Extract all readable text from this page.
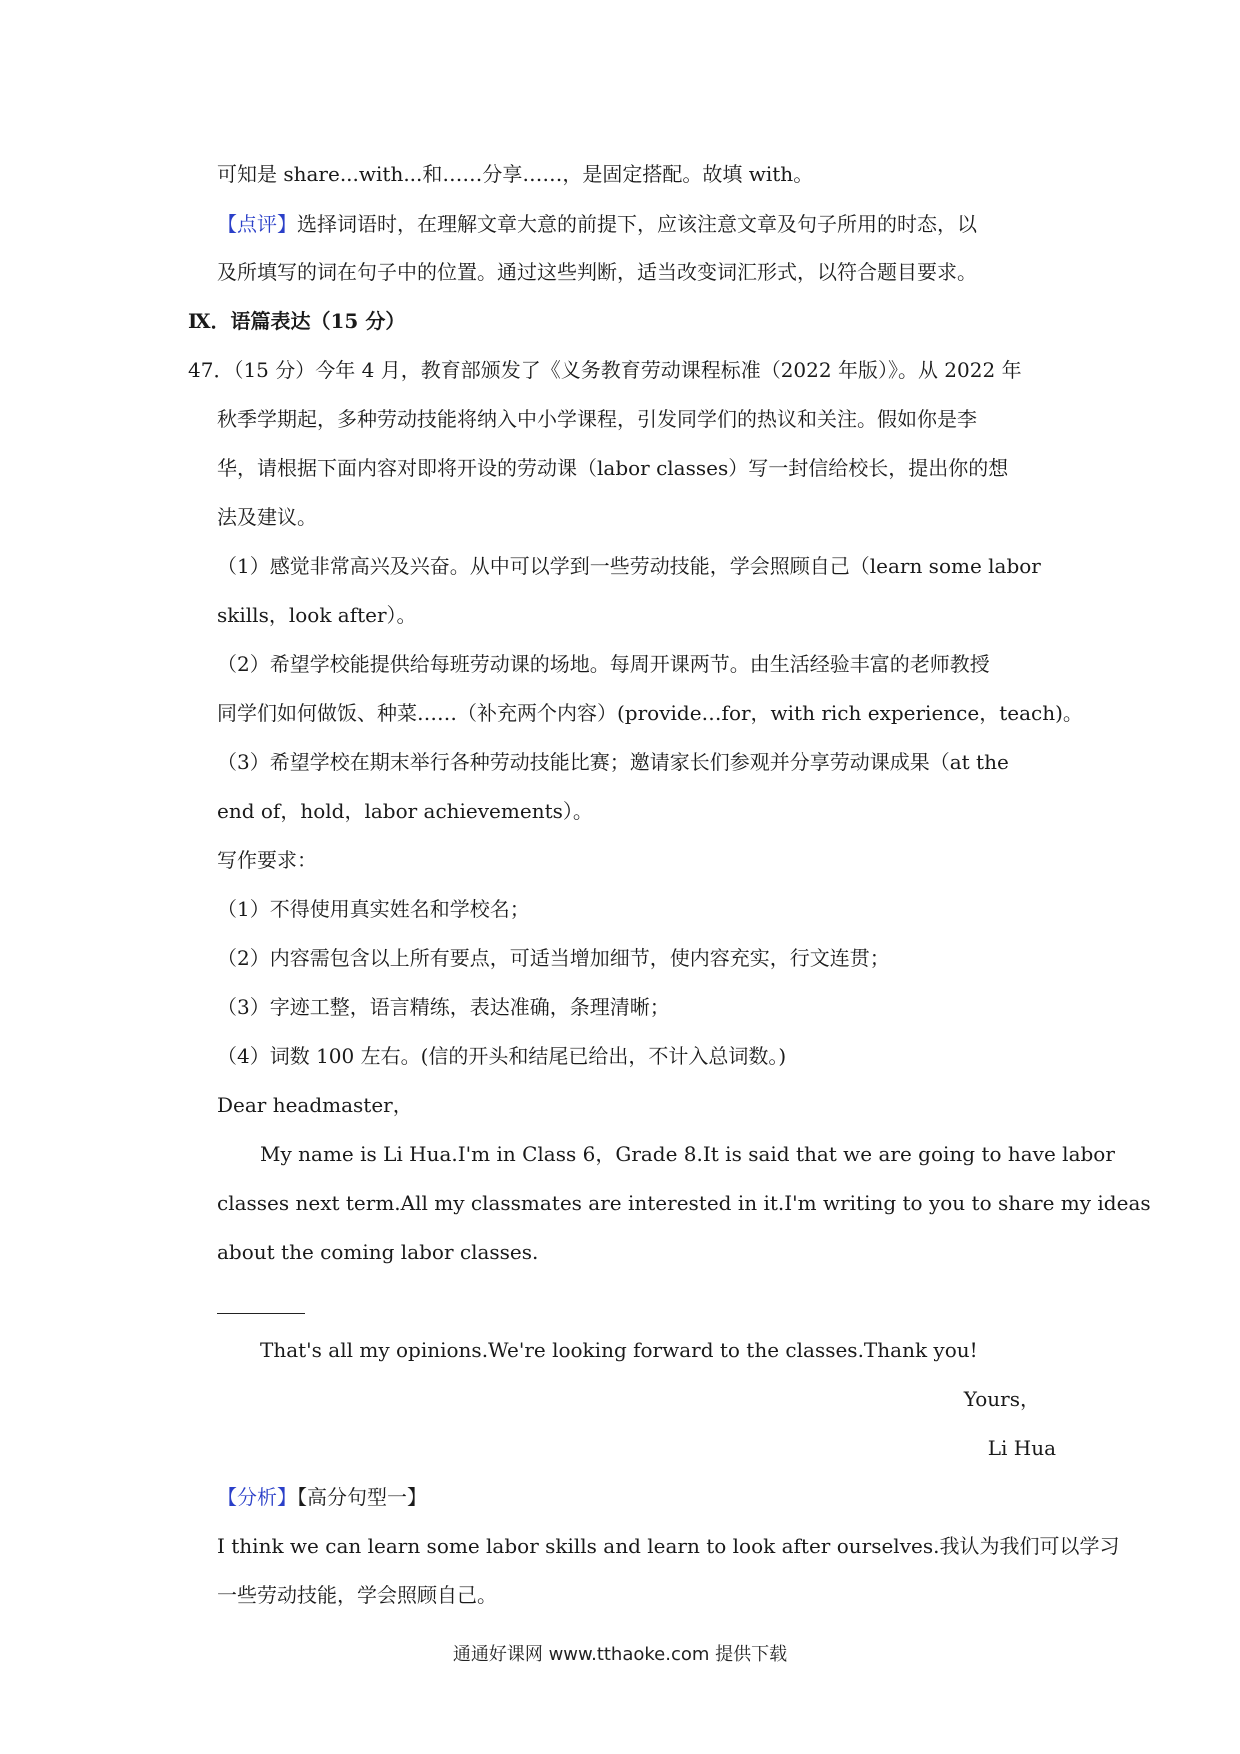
可知是 share...with...和……分享……，是固定搭配。故填 with。
【点评】选择词语时，在理解文章大意的前提下，应该注意文章及句子所用的时态，以
及所填写的词在句子中的位置。通过这些判断，适当改变词汇形式，以符合题目要求。
Ⅸ．语篇表达（15 分）
47．（15 分）今年 4 月，教育部颁发了《义务教育劳动课程标准（2022 年版）》。从 2022 年
秋季学期起，多种劳动技能将纳入中小学课程，引发同学们的热议和关注。假如你是李
华，请根据下面内容对即将开设的劳动课（labor classes）写一封信给校长，提出你的想
法及建议。
（1）感觉非常高兴及兴奋。从中可以学到一些劳动技能，学会照顾自己（learn some labor
skills，look after）。
（2）希望学校能提供给每班劳动课的场地。每周开课两节。由生活经验丰富的老师教授
同学们如何做饭、种菜……（补充两个内容）(provide…for，with rich experience，teach)。
（3）希望学校在期末举行各种劳动技能比赛；邀请家长们参观并分享劳动课成果（at the
end of，hold，labor achievements）。
写作要求：
（1）不得使用真实姓名和学校名；
（2）内容需包含以上所有要点，可适当增加细节，使内容充实，行文连贯；
（3）字迹工整，语言精练，表达准确，条理清晰；
（4）词数 100 左右。(信的开头和结尾已给出，不计入总词数。)
Dear headmaster，
My name is Li Hua.I'm in Class 6，Grade 8.It is said that we are going to have labor
classes next term.All my classmates are interested in it.I'm writing to you to share my ideas
about the coming labor classes.
That's all my opinions.We're looking forward to the classes.Thank you!
Yours，
Li Hua
【分析】【高分句型一】
I think we can learn some labor skills and learn to look after ourselves.我认为我们可以学习
一些劳动技能，学会照顾自己。
通通好课网 www.tthaoke.com 提供下载
